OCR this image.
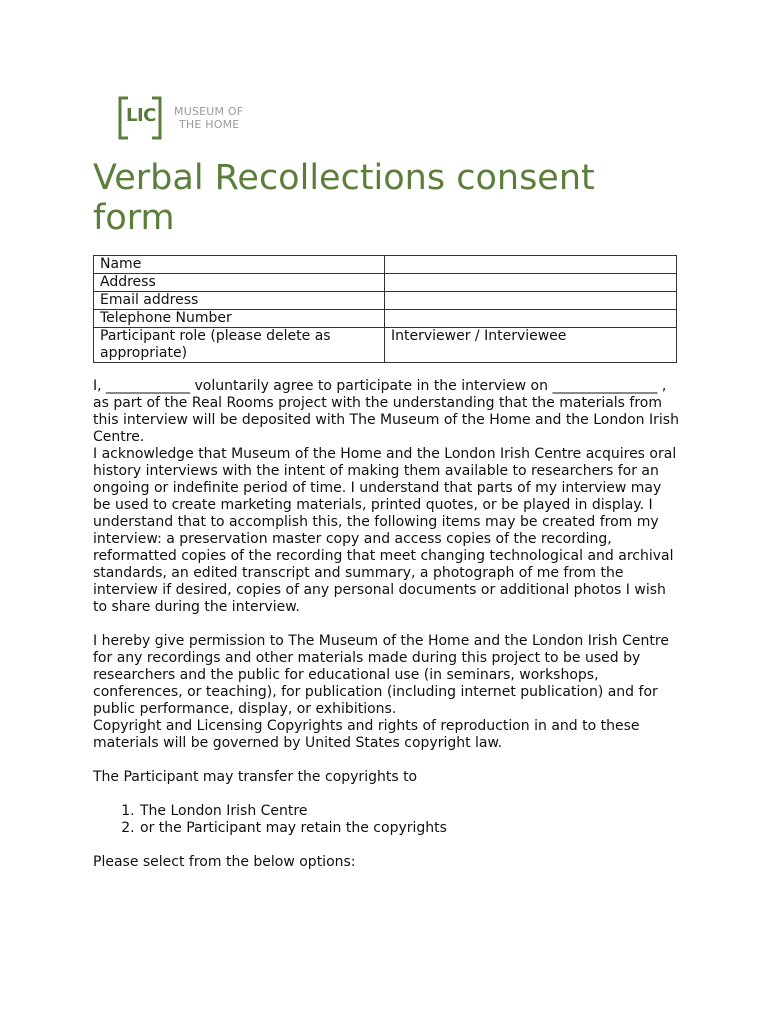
LIC MUSEUM OF
THE HOME
Verbal Recollections consent form
Name	
Address	
Email address	
Telephone Number	
Participant role (please delete as appropriate)	Interviewer / Interviewee

I, ____________ voluntarily agree to participate in the interview on _______________ , as part of the Real Rooms project with the understanding that the materials from this interview will be deposited with The Museum of the Home and the London Irish Centre.

I acknowledge that Museum of the Home and the London Irish Centre acquires oral history interviews with the intent of making them available to researchers for an ongoing or indefinite period of time. I understand that parts of my interview may be used to create marketing materials, printed quotes, or be played in display. I understand that to accomplish this, the following items may be created from my interview: a preservation master copy and access copies of the recording, reformatted copies of the recording that meet changing technological and archival standards, an edited transcript and summary, a photograph of me from the interview if desired, copies of any personal documents or additional photos I wish to share during the interview.

I hereby give permission to The Museum of the Home and the London Irish Centre for any recordings and other materials made during this project to be used by researchers and the public for educational use (in seminars, workshops, conferences, or teaching), for publication (including internet publication) and for public performance, display, or exhibitions.

Copyright and Licensing Copyrights and rights of reproduction in and to these materials will be governed by United States copyright law.

The Participant may transfer the copyrights to

1. The London Irish Centre
2. or the Participant may retain the copyrights

Please select from the below options:
